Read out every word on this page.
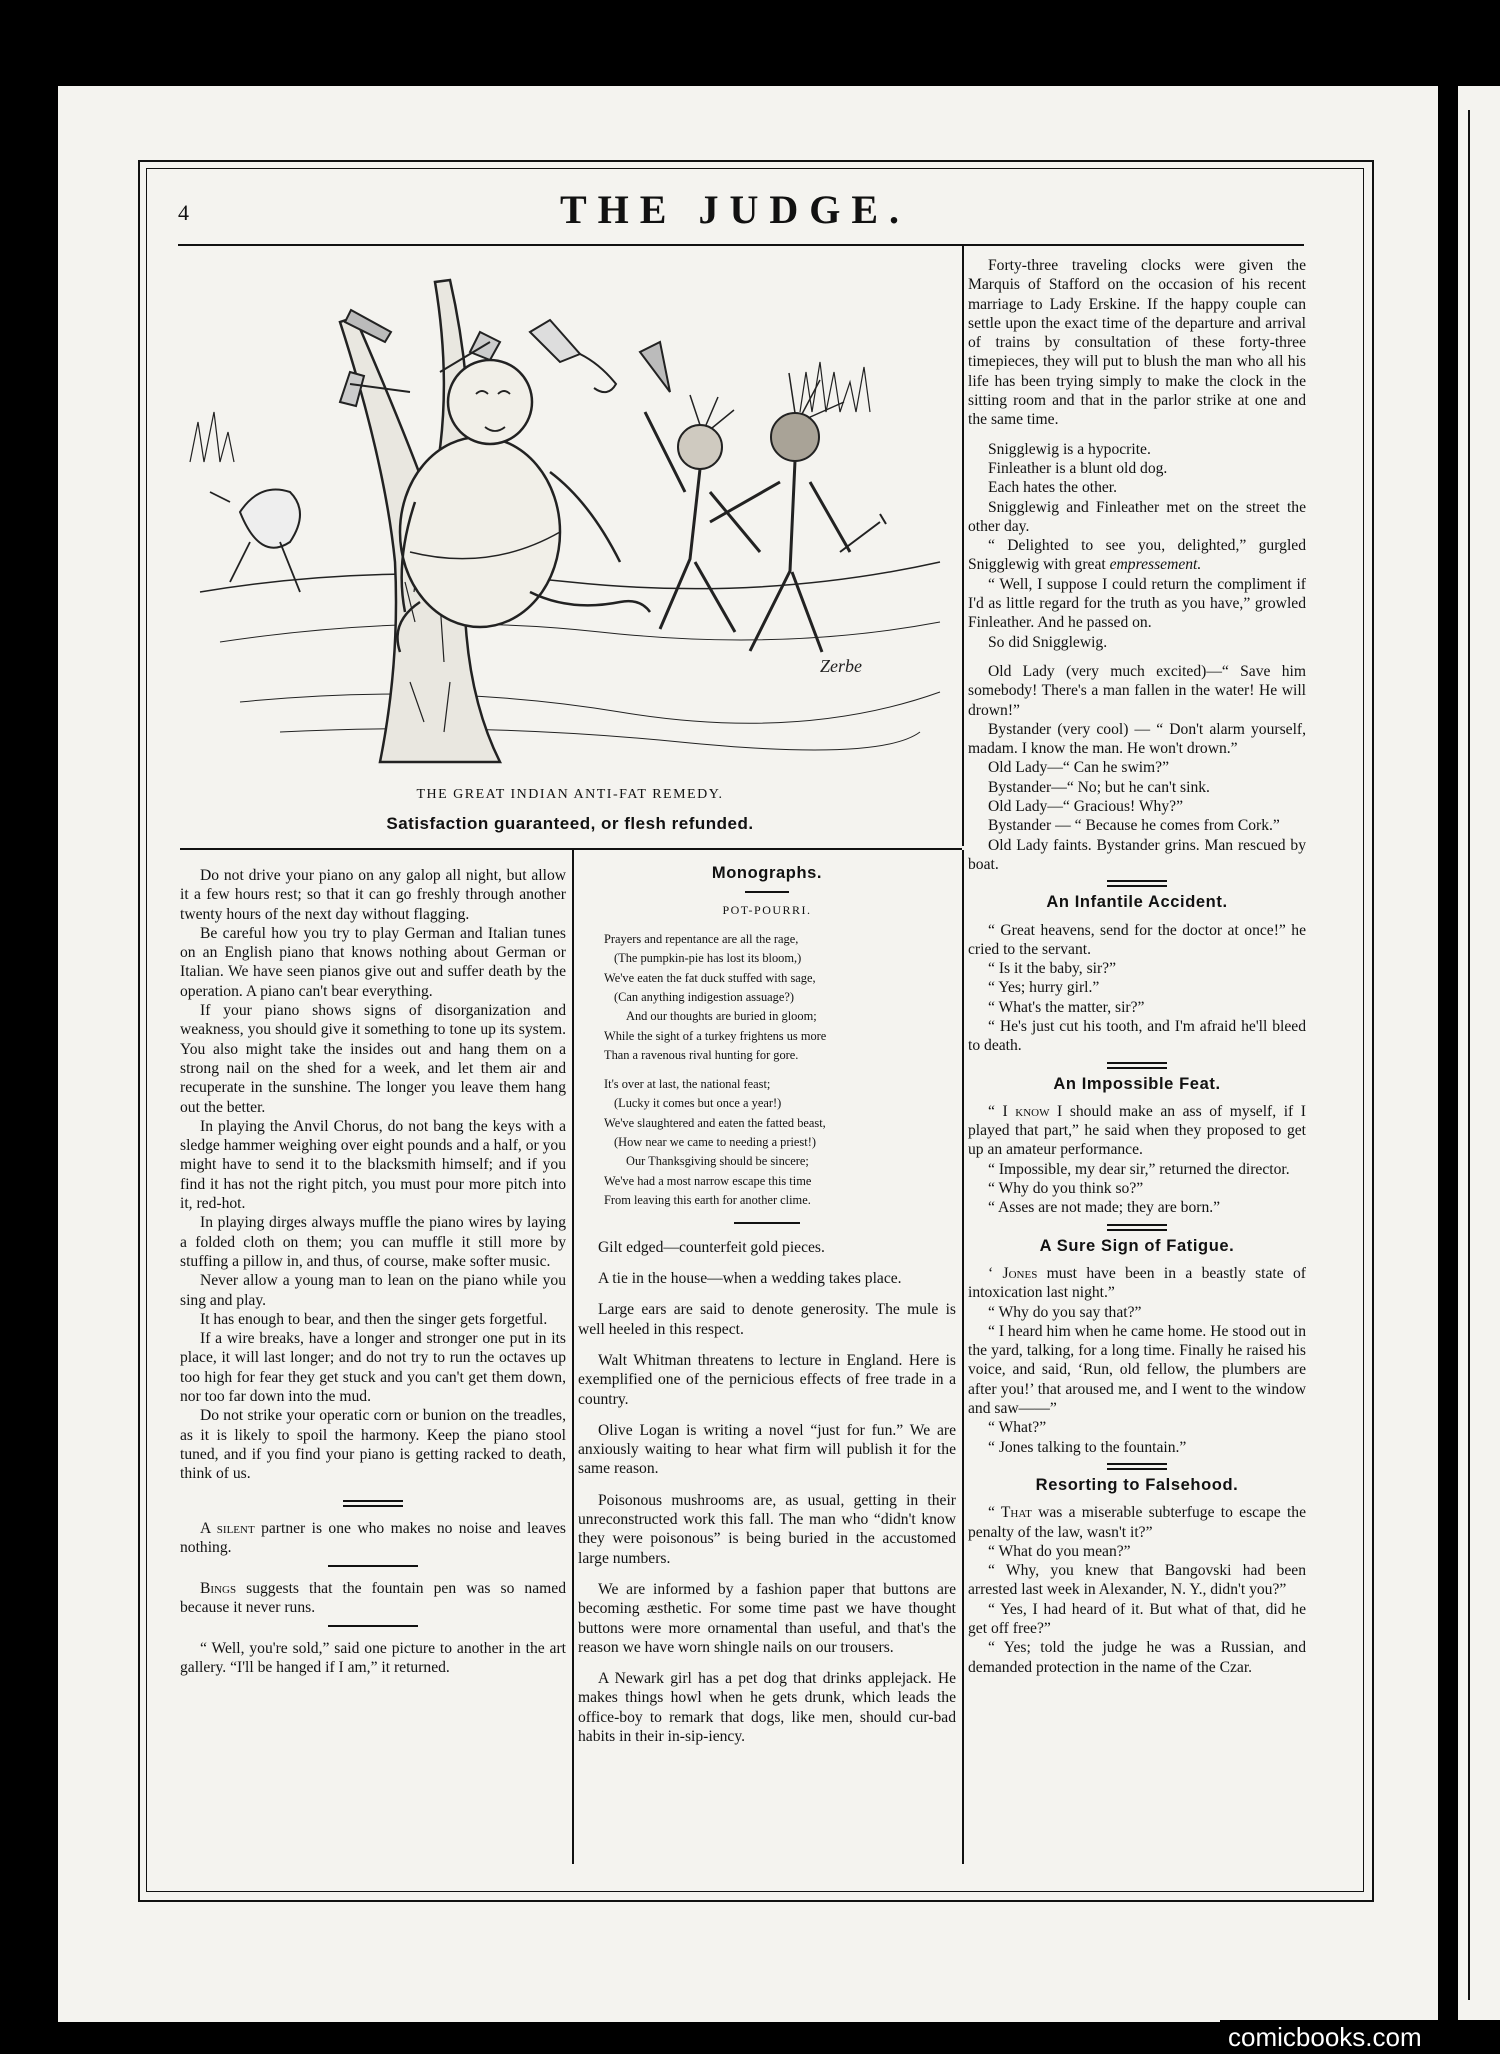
4	THE JUDGE.
Zerbe
THE GREAT INDIAN ANTI-FAT REMEDY.
Satisfaction guaranteed, or flesh refunded.

Do not drive your piano on any galop all night, but allow it a few hours rest; so that it can go freshly through another twenty hours of the next day without flagging.

Be careful how you try to play German and Italian tunes on an English piano that knows nothing about German or Italian. We have seen pianos give out and suffer death by the operation. A piano can't bear everything.

If your piano shows signs of disorganization and weakness, you should give it something to tone up its system. You also might take the insides out and hang them on a strong nail on the shed for a week, and let them air and recuperate in the sunshine. The longer you leave them hang out the better.

In playing the Anvil Chorus, do not bang the keys with a sledge hammer weighing over eight pounds and a half, or you might have to send it to the blacksmith himself; and if you find it has not the right pitch, you must pour more pitch into it, red-hot.

In playing dirges always muffle the piano wires by laying a folded cloth on them; you can muffle it still more by stuffing a pillow in, and thus, of course, make softer music.

Never allow a young man to lean on the piano while you sing and play.

It has enough to bear, and then the singer gets forgetful.

If a wire breaks, have a longer and stronger one put in its place, it will last longer; and do not try to run the octaves up too high for fear they get stuck and you can't get them down, nor too far down into the mud.

Do not strike your operatic corn or bunion on the treadles, as it is likely to spoil the harmony. Keep the piano stool tuned, and if you find your piano is getting racked to death, think of us.

A silent partner is one who makes no noise and leaves nothing.

Bings suggests that the fountain pen was so named because it never runs.

“ Well, you're sold,” said one picture to another in the art gallery. “I'll be hanged if I am,” it returned.

Monographs.
POT-POURRI.
Prayers and repentance are all the rage,
(The pumpkin-pie has lost its bloom,)
We've eaten the fat duck stuffed with sage,
(Can anything indigestion assuage?)
And our thoughts are buried in gloom;
While the sight of a turkey frightens us more
Than a ravenous rival hunting for gore.
It's over at last, the national feast;
(Lucky it comes but once a year!)
We've slaughtered and eaten the fatted beast,
(How near we came to needing a priest!)
Our Thanksgiving should be sincere;
We've had a most narrow escape this time
From leaving this earth for another clime.

Gilt edged—counterfeit gold pieces.

A tie in the house—when a wedding takes place.

Large ears are said to denote generosity. The mule is well heeled in this respect.

Walt Whitman threatens to lecture in England. Here is exemplified one of the pernicious effects of free trade in a country.

Olive Logan is writing a novel “just for fun.” We are anxiously waiting to hear what firm will publish it for the same reason.

Poisonous mushrooms are, as usual, getting in their unreconstructed work this fall. The man who “didn't know they were poisonous” is being buried in the accustomed large numbers.

We are informed by a fashion paper that buttons are becoming æsthetic. For some time past we have thought buttons were more ornamental than useful, and that's the reason we have worn shingle nails on our trousers.

A Newark girl has a pet dog that drinks applejack. He makes things howl when he gets drunk, which leads the office-boy to remark that dogs, like men, should cur-bad habits in their in-sip-iency.

Forty-three traveling clocks were given the Marquis of Stafford on the occasion of his recent marriage to Lady Erskine. If the happy couple can settle upon the exact time of the departure and arrival of trains by consultation of these forty-three timepieces, they will put to blush the man who all his life has been trying simply to make the clock in the sitting room and that in the parlor strike at one and the same time.

Snigglewig is a hypocrite.

Finleather is a blunt old dog.

Each hates the other.

Snigglewig and Finleather met on the street the other day.

“ Delighted to see you, delighted,” gurgled Snigglewig with great empressement.

“ Well, I suppose I could return the compliment if I'd as little regard for the truth as you have,” growled Finleather. And he passed on.

So did Snigglewig.

Old Lady (very much excited)—“ Save him somebody! There's a man fallen in the water! He will drown!”

Bystander (very cool) — “ Don't alarm yourself, madam. I know the man. He won't drown.”

Old Lady—“ Can he swim?”

Bystander—“ No; but he can't sink.

Old Lady—“ Gracious! Why?”

Bystander — “ Because he comes from Cork.”

Old Lady faints. Bystander grins. Man rescued by boat.

An Infantile Accident.

“ Great heavens, send for the doctor at once!” he cried to the servant.

“ Is it the baby, sir?”

“ Yes; hurry girl.”

“ What's the matter, sir?”

“ He's just cut his tooth, and I'm afraid he'll bleed to death.

An Impossible Feat.

“ I know I should make an ass of myself, if I played that part,” he said when they proposed to get up an amateur performance.

“ Impossible, my dear sir,” returned the director.

“ Why do you think so?”

“ Asses are not made; they are born.”

A Sure Sign of Fatigue.

‘ Jones must have been in a beastly state of intoxication last night.”

“ Why do you say that?”

“ I heard him when he came home. He stood out in the yard, talking, for a long time. Finally he raised his voice, and said, ‘Run, old fellow, the plumbers are after you!’ that aroused me, and I went to the window and saw——”

“ What?”

“ Jones talking to the fountain.”

Resorting to Falsehood.

“ That was a miserable subterfuge to escape the penalty of the law, wasn't it?”

“ What do you mean?”

“ Why, you knew that Bangovski had been arrested last week in Alexander, N. Y., didn't you?”

“ Yes, I had heard of it. But what of that, did he get off free?”

“ Yes; told the judge he was a Russian, and demanded protection in the name of the Czar.

comicbooks.com
